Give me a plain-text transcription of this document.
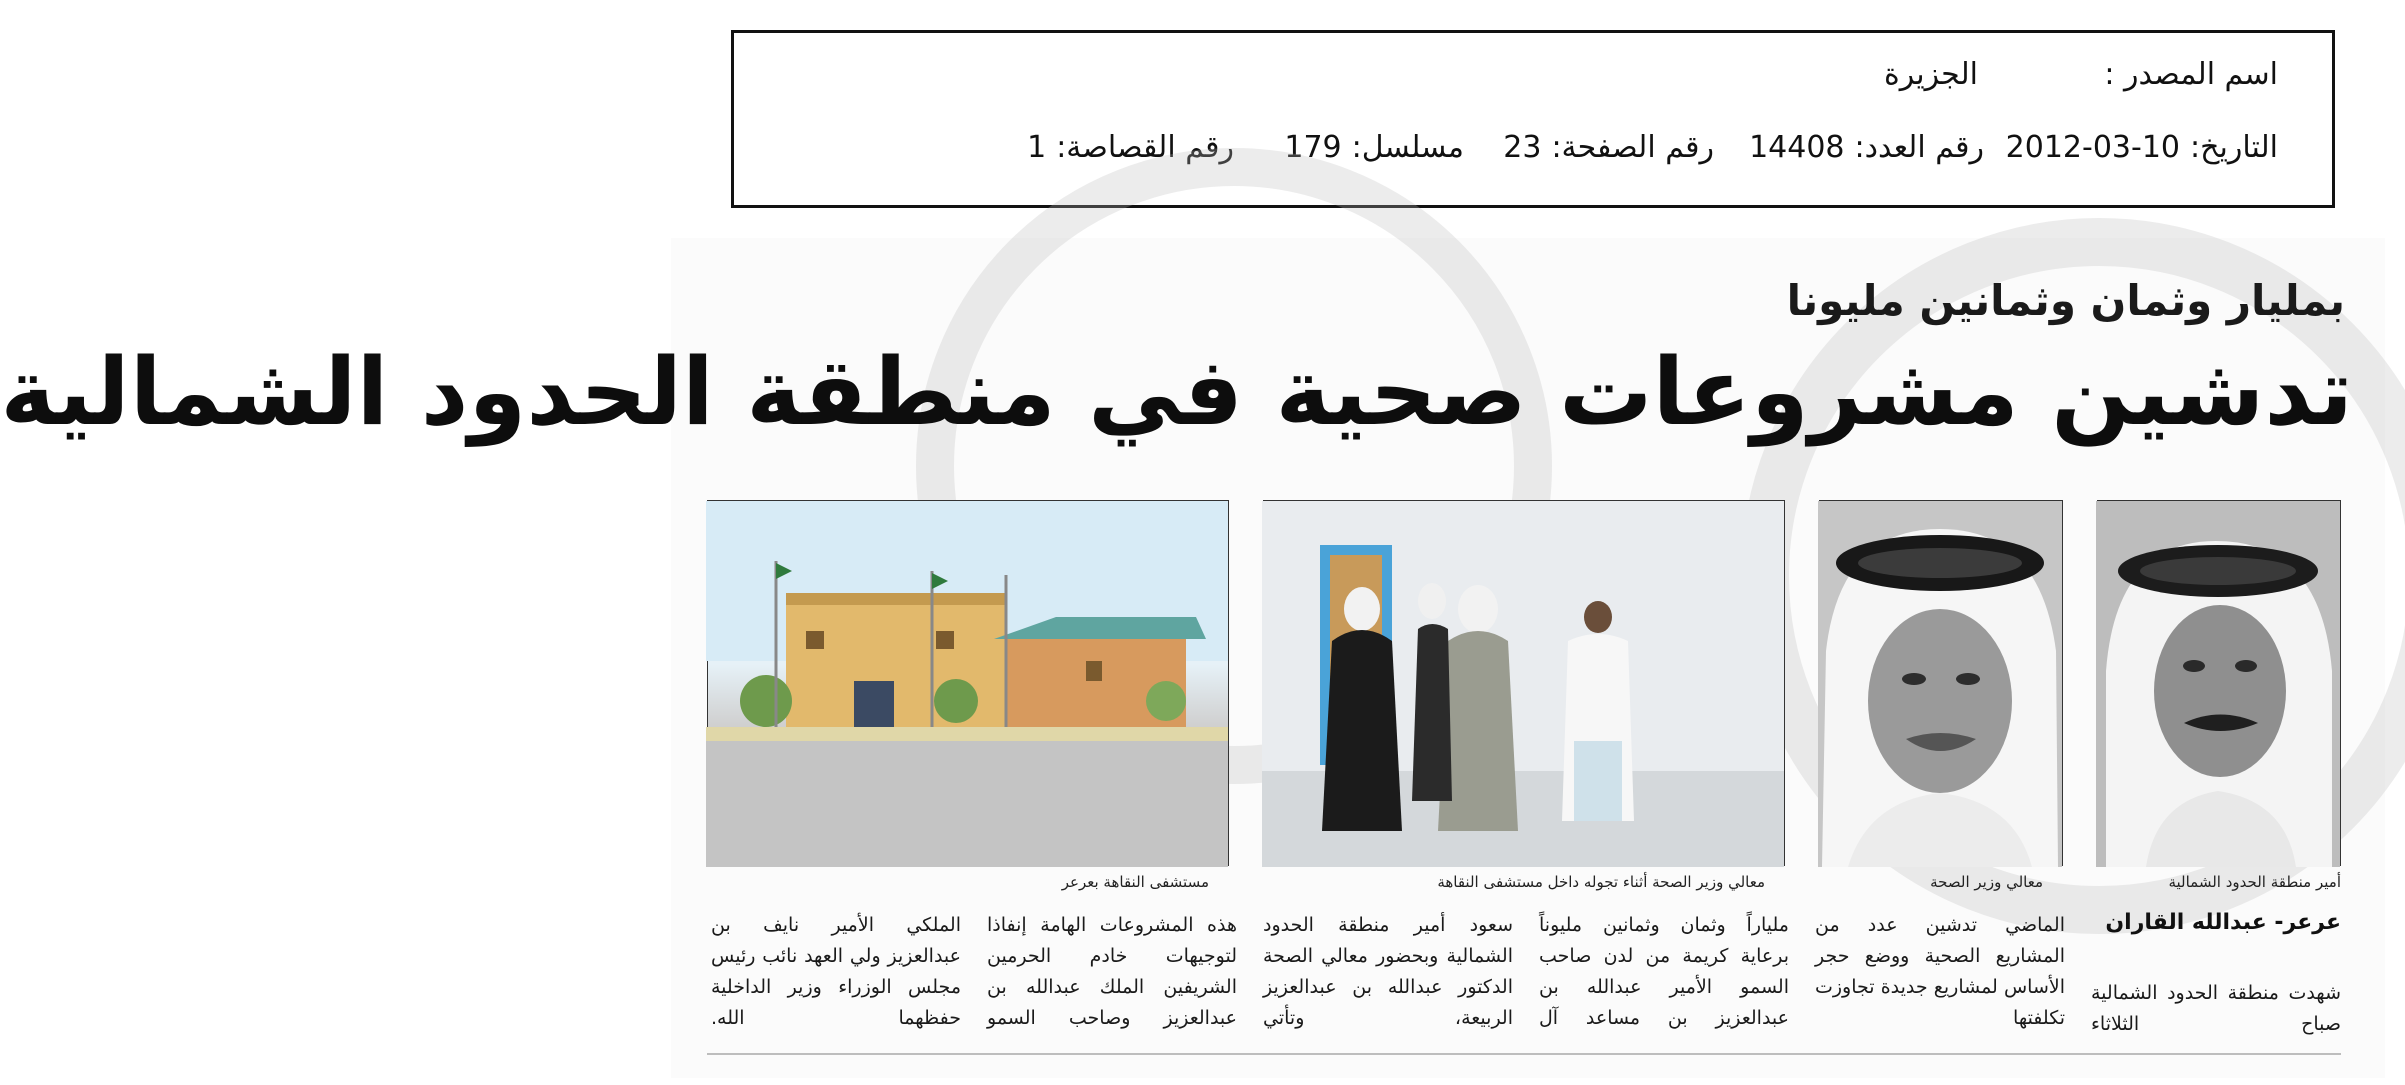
اسم المصدر :
الجزيرة
التاريخ:2012-03-10
رقم العدد:14408
رقم الصفحة:23
مسلسل:179
رقم القصاصة:1
بمليار وثمان وثمانين مليونا
تدشين مشروعات صحية في منطقة الحدود الشمالية
أمير منطقة الحدود الشمالية
معالي وزير الصحة
معالي وزير الصحة أثناء تجوله داخل مستشفى النقاهة
مستشفى النقاهة بعرعر
عرعر- عبدالله القاران

شهدت منطقة الحدود الشمالية صباح الثلاثاء

الماضي تدشين عدد من المشاريع الصحية ووضع حجر الأساس لمشاريع جديدة تجاوزت تكلفتها

ملياراً وثمان وثمانين مليوناً برعاية كريمة من لدن صاحب السمو الأمير عبدالله بن عبدالعزيز بن مساعد آل

سعود أمير منطقة الحدود الشمالية وبحضور معالي الصحة الدكتور عبدالله بن عبدالعزيز الربيعة، وتأتي

هذه المشروعات الهامة إنفاذا لتوجيهات خادم الحرمين الشريفين الملك عبدالله بن عبدالعزيز وصاحب السمو

الملكي الأمير نايف بن عبدالعزيز ولي العهد نائب رئيس مجلس الوزراء وزير الداخلية حفظهما الله.
